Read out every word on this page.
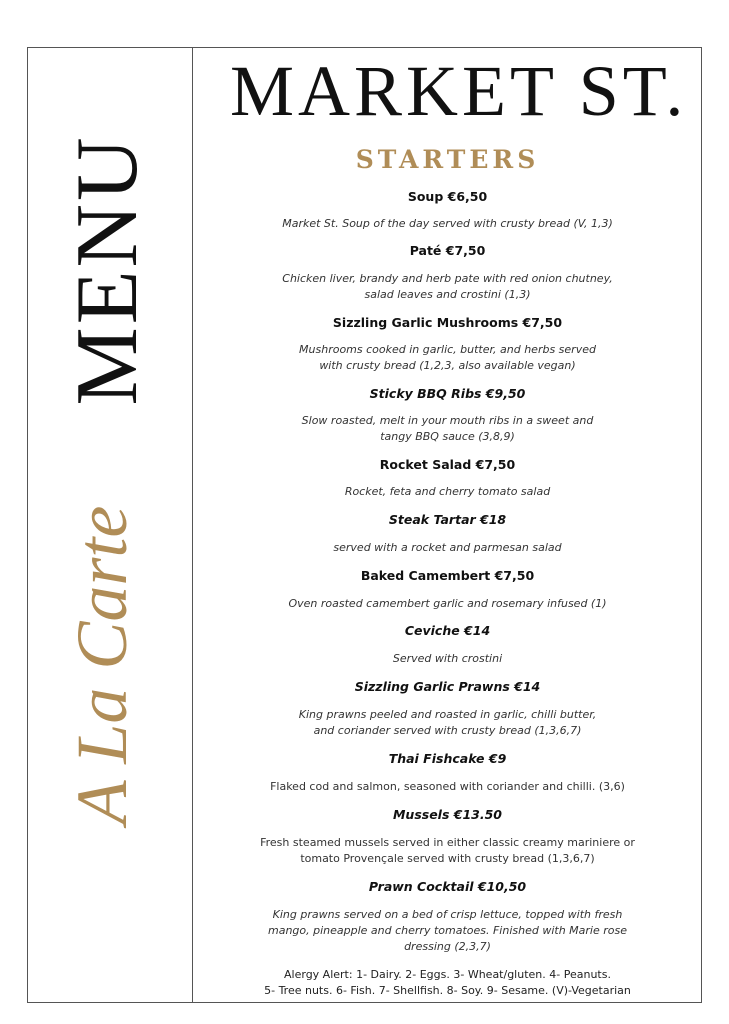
MENU
A La Carte
MARKET ST.
STARTERS
Soup €6,50
Market St. Soup of the day served with crusty bread (V, 1,3)
Paté €7,50
Chicken liver, brandy and herb pate with red onion chutney,
salad leaves and crostini (1,3)
Sizzling Garlic Mushrooms €7,50
Mushrooms cooked in garlic, butter, and herbs served
with crusty bread (1,2,3, also available vegan)
Sticky BBQ Ribs €9,50
Slow roasted, melt in your mouth ribs in a sweet and
tangy BBQ sauce (3,8,9)
Rocket Salad €7,50
Rocket, feta and cherry tomato salad
Steak Tartar €18
served with a rocket and parmesan salad
Baked Camembert €7,50
Oven roasted camembert garlic and rosemary infused (1)
Ceviche €14
Served with crostini
Sizzling Garlic Prawns €14
King prawns peeled and roasted in garlic, chilli butter,
and coriander served with crusty bread (1,3,6,7)
Thai Fishcake €9
Flaked cod and salmon, seasoned with coriander and chilli. (3,6)
Mussels €13.50
Fresh steamed mussels served in either classic creamy mariniere or
tomato Provençale served with crusty bread (1,3,6,7)
Prawn Cocktail €10,50
King prawns served on a bed of crisp lettuce, topped with fresh
mango, pineapple and cherry tomatoes. Finished with Marie rose
dressing (2,3,7)
Alergy Alert: 1- Dairy. 2- Eggs. 3- Wheat/gluten. 4- Peanuts.
5- Tree nuts. 6- Fish. 7- Shellfish. 8- Soy. 9- Sesame. (V)-Vegetarian
